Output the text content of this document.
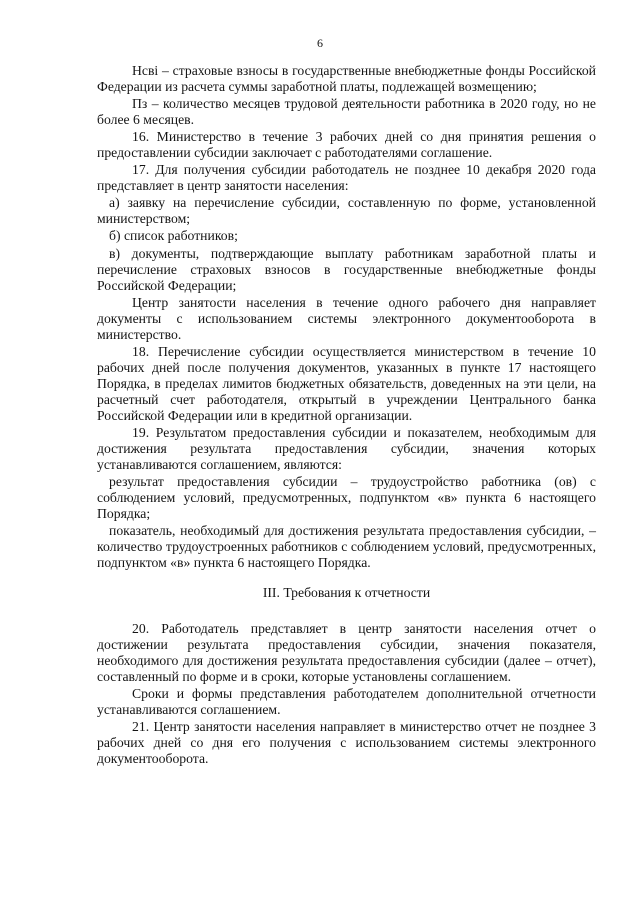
6

Нсві – страховые взносы в государственные внебюджетные фонды Российской Федерации из расчета суммы заработной платы, подлежащей возмещению;

Пз – количество месяцев трудовой деятельности работника в 2020 году, но не более 6 месяцев.

16. Министерство в течение 3 рабочих дней со дня принятия решения о предоставлении субсидии заключает с работодателями соглашение.

17. Для получения субсидии работодатель не позднее 10 декабря 2020 года представляет в центр занятости населения:

а) заявку на перечисление субсидии, составленную по форме, установленной министерством;

б) список работников;

в) документы, подтверждающие выплату работникам заработной платы и перечисление страховых взносов в государственные внебюджетные фонды Российской Федерации;

Центр занятости населения в течение одного рабочего дня направляет документы с использованием системы электронного документооборота в министерство.

18. Перечисление субсидии осуществляется министерством в течение 10 рабочих дней после получения документов, указанных в пункте 17 настоящего Порядка, в пределах лимитов бюджетных обязательств, доведенных на эти цели, на расчетный счет работодателя, открытый в учреждении Центрального банка Российской Федерации или в кредитной организации.

19. Результатом предоставления субсидии и показателем, необходимым для достижения результата предоставления субсидии, значения которых устанавливаются соглашением, являются:

результат предоставления субсидии – трудоустройство работника (ов) с соблюдением условий, предусмотренных, подпунктом «в» пункта 6 настоящего Порядка;

показатель, необходимый для достижения результата предоставления субсидии, – количество трудоустроенных работников с соблюдением условий, предусмотренных, подпунктом «в» пункта 6 настоящего Порядка.

III. Требования к отчетности

20. Работодатель представляет в центр занятости населения отчет о достижении результата предоставления субсидии, значения показателя, необходимого для достижения результата предоставления субсидии (далее – отчет), составленный по форме и в сроки, которые установлены соглашением.

Сроки и формы представления работодателем дополнительной отчетности устанавливаются соглашением.

21. Центр занятости населения направляет в министерство отчет не позднее 3 рабочих дней со дня его получения с использованием системы электронного документооборота.
